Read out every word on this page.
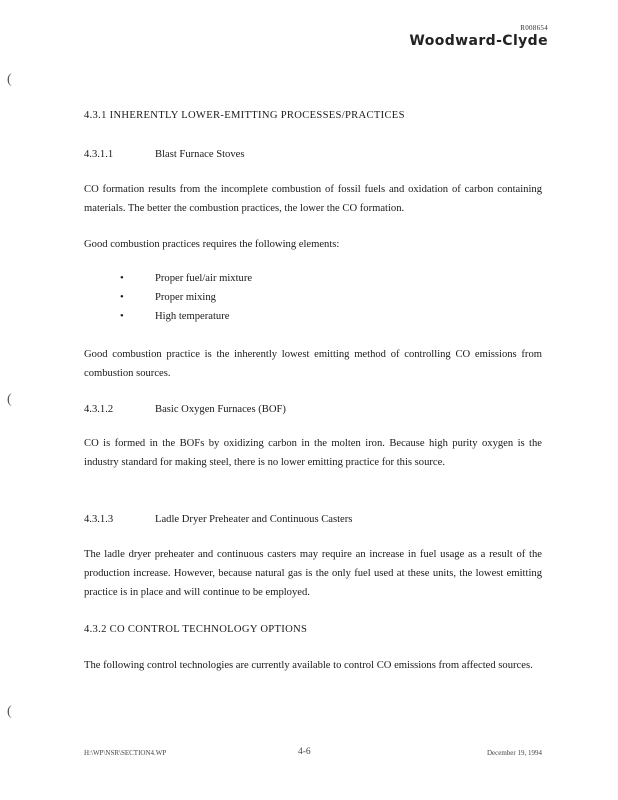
R008654
Woodward-Clyde
(
(
(
4.3.1 INHERENTLY LOWER-EMITTING PROCESSES/PRACTICES
4.3.1.1	Blast Furnace Stoves

CO formation results from the incomplete combustion of fossil fuels and oxidation of carbon containing materials. The better the combustion practices, the lower the CO formation.

Good combustion practices requires the following elements:

• Proper fuel/air mixture
• Proper mixing
• High temperature

Good combustion practice is the inherently lowest emitting method of controlling CO emissions from combustion sources.

4.3.1.2	Basic Oxygen Furnaces (BOF)

CO is formed in the BOFs by oxidizing carbon in the molten iron. Because high purity oxygen is the industry standard for making steel, there is no lower emitting practice for this source.

4.3.1.3	Ladle Dryer Preheater and Continuous Casters

The ladle dryer preheater and continuous casters may require an increase in fuel usage as a result of the production increase. However, because natural gas is the only fuel used at these units, the lowest emitting practice is in place and will continue to be employed.

4.3.2 CO CONTROL TECHNOLOGY OPTIONS

The following control technologies are currently available to control CO emissions from affected sources.

H:\WP\NSR\SECTION4.WP	4-6	December 19, 1994
